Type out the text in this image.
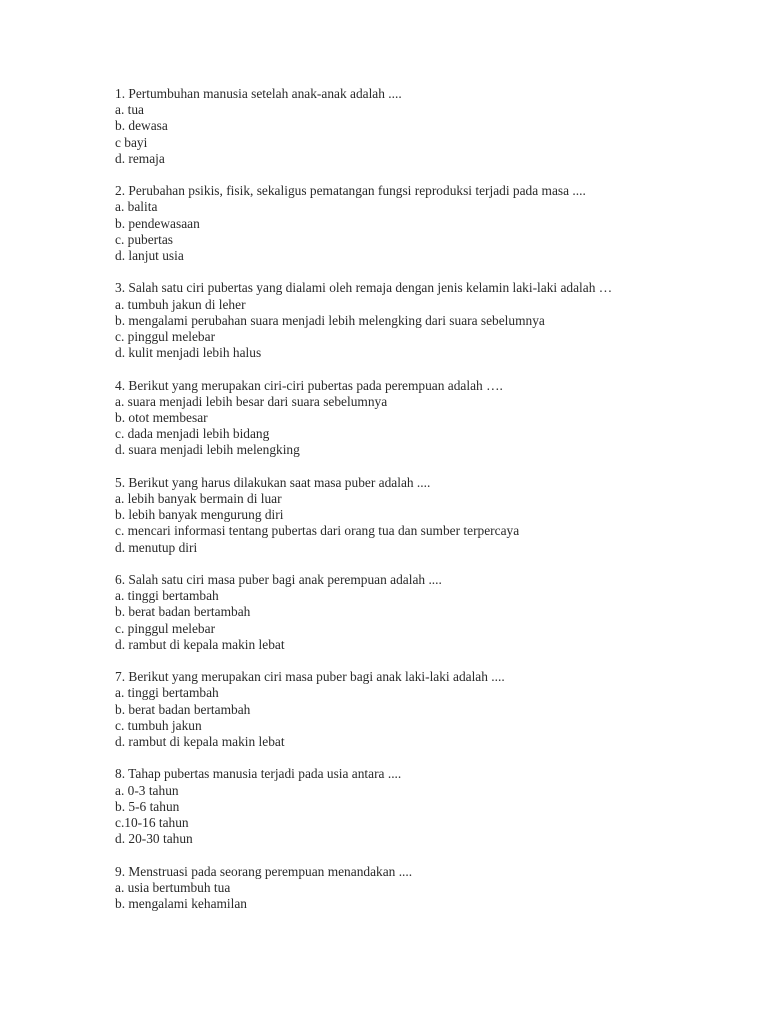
1. Pertumbuhan manusia setelah anak-anak adalah ....
a. tua
b. dewasa
c bayi
d. remaja
2. Perubahan psikis, fisik, sekaligus pematangan fungsi reproduksi terjadi pada masa ....
a. balita
b. pendewasaan
c. pubertas
d. lanjut usia
3. Salah satu ciri pubertas yang dialami oleh remaja dengan jenis kelamin laki-laki adalah …
a. tumbuh jakun di leher
b. mengalami perubahan suara menjadi lebih melengking dari suara sebelumnya
c. pinggul melebar
d. kulit menjadi lebih halus
4. Berikut yang merupakan ciri-ciri pubertas pada perempuan adalah ….
a. suara menjadi lebih besar dari suara sebelumnya
b. otot membesar
c. dada menjadi lebih bidang
d. suara menjadi lebih melengking
5. Berikut yang harus dilakukan saat masa puber adalah ....
a. lebih banyak bermain di luar
b. lebih banyak mengurung diri
c. mencari informasi tentang pubertas dari orang tua dan sumber terpercaya
d. menutup diri
6. Salah satu ciri masa puber bagi anak perempuan adalah ....
a. tinggi bertambah
b. berat badan bertambah
c. pinggul melebar
d. rambut di kepala makin lebat
7. Berikut yang merupakan ciri masa puber bagi anak laki-laki adalah ....
a. tinggi bertambah
b. berat badan bertambah
c. tumbuh jakun
d. rambut di kepala makin lebat
8. Tahap pubertas manusia terjadi pada usia antara ....
a. 0-3 tahun
b. 5-6 tahun
c.10-16 tahun
d. 20-30 tahun
9. Menstruasi pada seorang perempuan menandakan ....
a. usia bertumbuh tua
b. mengalami kehamilan
